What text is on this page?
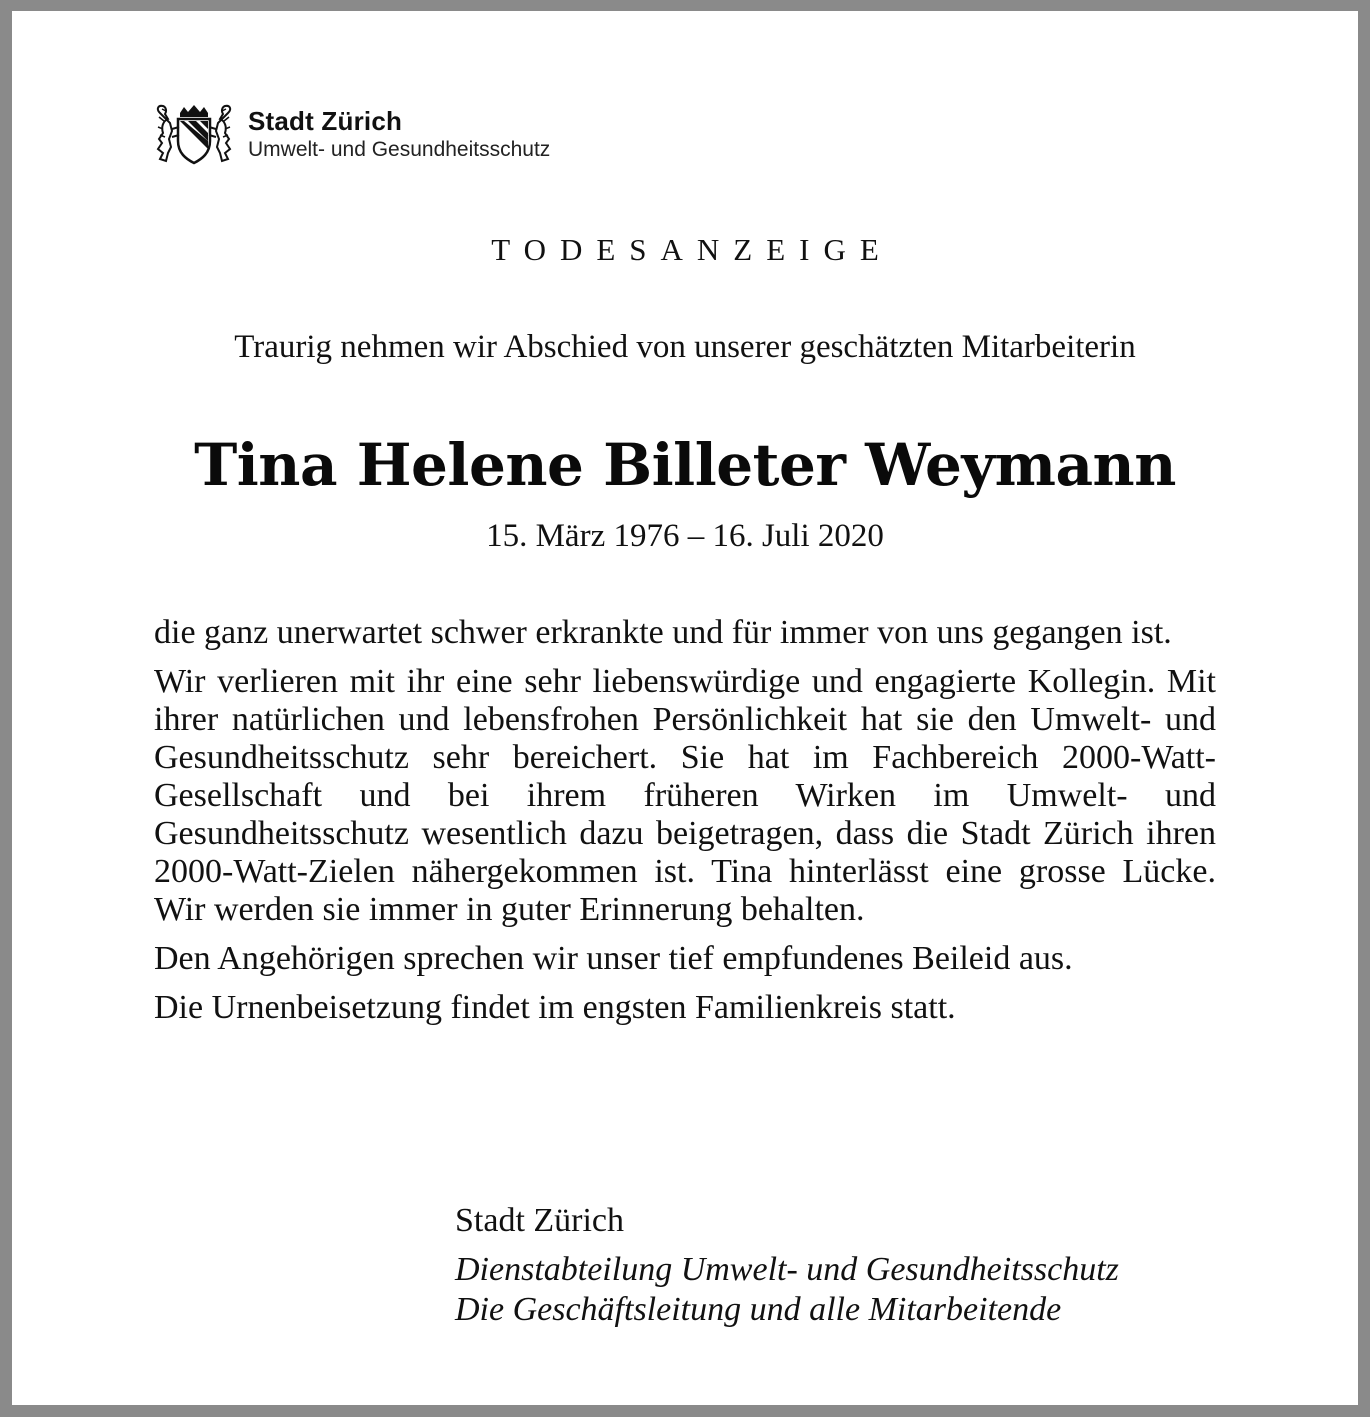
Stadt Zürich
Umwelt- und Gesundheitsschutz
TODESANZEIGE
Traurig nehmen wir Abschied von unserer geschätzten Mitarbeiterin
Tina Helene Billeter Weymann
15. März 1976 – 16. Juli 2020

die ganz unerwartet schwer erkrankte und für immer von uns gegangen ist.

Wir verlieren mit ihr eine sehr liebenswürdige und engagierte Kollegin. Mit ihrer natürlichen und lebensfrohen Persönlichkeit hat sie den Umwelt- und Gesundheitsschutz sehr bereichert. Sie hat im Fachbereich 2000-Watt-Gesellschaft und bei ihrem früheren Wirken im Umwelt- und Gesundheitsschutz wesentlich dazu beigetragen, dass die Stadt Zürich ihren 2000-Watt-Zielen nähergekommen ist. Tina hinterlässt eine grosse Lücke. Wir werden sie immer in guter Erinnerung behalten.

Den Angehörigen sprechen wir unser tief empfundenes Beileid aus.

Die Urnenbeisetzung findet im engsten Familienkreis statt.

Stadt Zürich
Dienstabteilung Umwelt- und Gesundheitsschutz
Die Geschäftsleitung und alle Mitarbeitende
